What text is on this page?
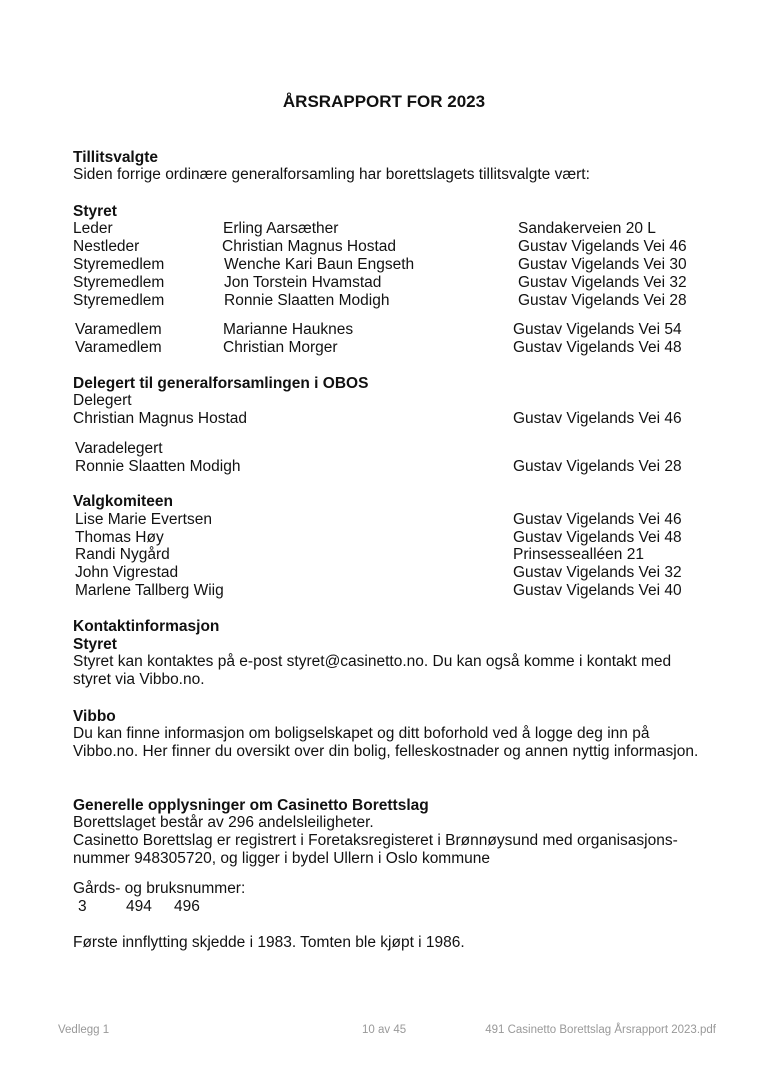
ÅRSRAPPORT FOR 2023
Tillitsvalgte
Siden forrige ordinære generalforsamling har borettslagets tillitsvalgte vært:
Styret
Leder	Erling Aarsæther	Sandakerveien 20 L
Nestleder	Christian Magnus Hostad	Gustav Vigelands Vei 46
Styremedlem	Wenche Kari Baun Engseth	Gustav Vigelands Vei 30
Styremedlem	Jon Torstein Hvamstad	Gustav Vigelands Vei 32
Styremedlem	Ronnie Slaatten Modigh	Gustav Vigelands Vei 28
Varamedlem	Marianne Hauknes	Gustav Vigelands Vei 54
Varamedlem	Christian Morger	Gustav Vigelands Vei 48
Delegert til generalforsamlingen i OBOS
Delegert
Christian Magnus Hostad	Gustav Vigelands Vei 46
Varadelegert
Ronnie Slaatten Modigh	Gustav Vigelands Vei 28
Valgkomiteen
Lise Marie Evertsen	Gustav Vigelands Vei 46
Thomas Høy	Gustav Vigelands Vei 48
Randi Nygård	Prinsessealléen 21
John Vigrestad	Gustav Vigelands Vei 32
Marlene Tallberg Wiig	Gustav Vigelands Vei 40
Kontaktinformasjon
Styret
Styret kan kontaktes på e-post styret@casinetto.no. Du kan også komme i kontakt med styret via Vibbo.no.
Vibbo
Du kan finne informasjon om boligselskapet og ditt boforhold ved å logge deg inn på Vibbo.no. Her finner du oversikt over din bolig, felleskostnader og annen nyttig informasjon.
Generelle opplysninger om Casinetto Borettslag
Borettslaget består av 296 andelsleiligheter.
Casinetto Borettslag er registrert i Foretaksregisteret i Brønnøysund med organisasjons-
nummer 948305720, og ligger i bydel Ullern i Oslo kommune
Gårds- og bruksnummer:
3	494 496
Første innflytting skjedde i 1983. Tomten ble kjøpt i 1986.
Vedlegg 1	10 av 45	491 Casinetto Borettslag Årsrapport 2023.pdf
